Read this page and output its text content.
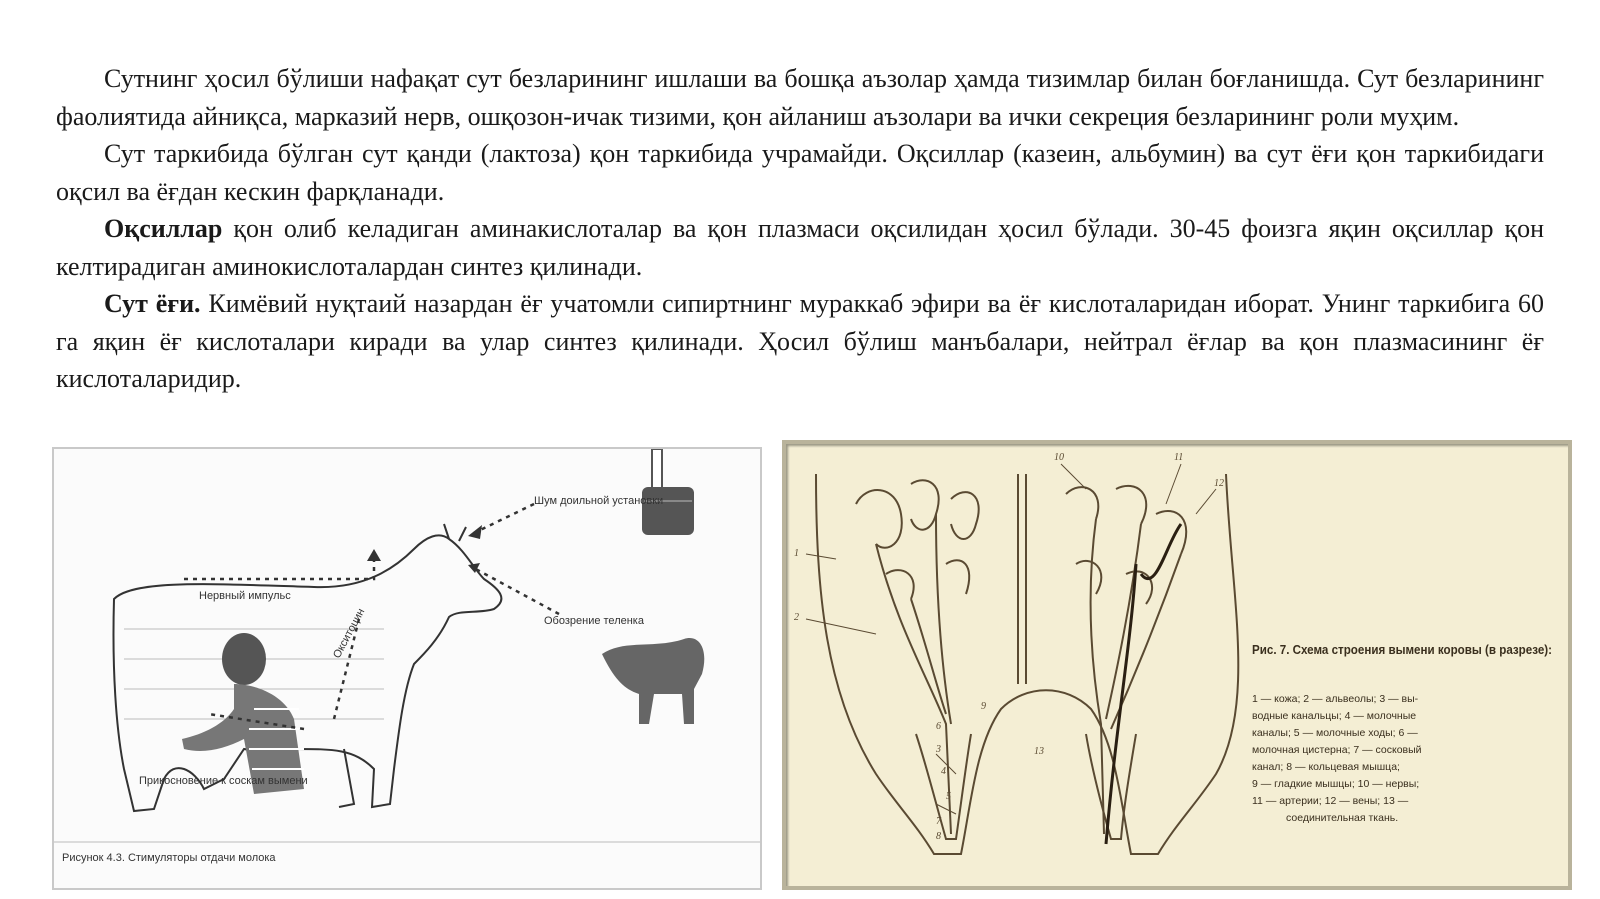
Сутнинг ҳосил бўлиши нафақат сут безларининг ишлаши ва бошқа аъзолар ҳамда тизимлар билан боғланишда. Сут безларининг фаолиятида айниқса, марказий нерв, ошқозон-ичак тизими, қон айланиш аъзолари ва ички секреция безларининг роли муҳим.

Сут таркибида бўлган сут қанди (лактоза) қон таркибида учрамайди. Оқсиллар (казеин, альбумин) ва сут ёғи қон таркибидаги оқсил ва ёғдан кескин фарқланади.

Оқсиллар қон олиб келадиган аминакислоталар ва қон плазмаси оқсилидан ҳосил бўлади. 30-45 фоизга яқин оқсиллар қон келтирадиган аминокислоталардан синтез қилинади.

Сут ёғи. Кимёвий нуқтаий назардан ёғ учатомли сипиртнинг мураккаб эфири ва ёғ кислоталаридан иборат. Унинг таркибига 60 га яқин ёғ кислоталари киради ва улар синтез қилинади. Ҳосил бўлиш манъбалари, нейтрал ёғлар ва қон плазмасининг ёғ кислоталаридир.

Шум доильной установки
Нервный импульс
Окситоцин	Обозрение теленка
Прикосновение к соскам вымени
Рисунок 4.3. Стимуляторы отдачи молока
10	11
12
1
2
3
4
5
6
7
8
9
13
Рис. 7. Схема строения вымени коровы (в разрезе):
1 — кожа; 2 — альвеолы; 3 — вы-
водные канальцы; 4 — молочные
каналы; 5 — молочные ходы; 6 —
молочная цистерна; 7 — сосковый
канал; 8 — кольцевая мышца;
9 — гладкие мышцы; 10 — нервы;
11 — артерии; 12 — вены; 13 —
соединительная ткань.
